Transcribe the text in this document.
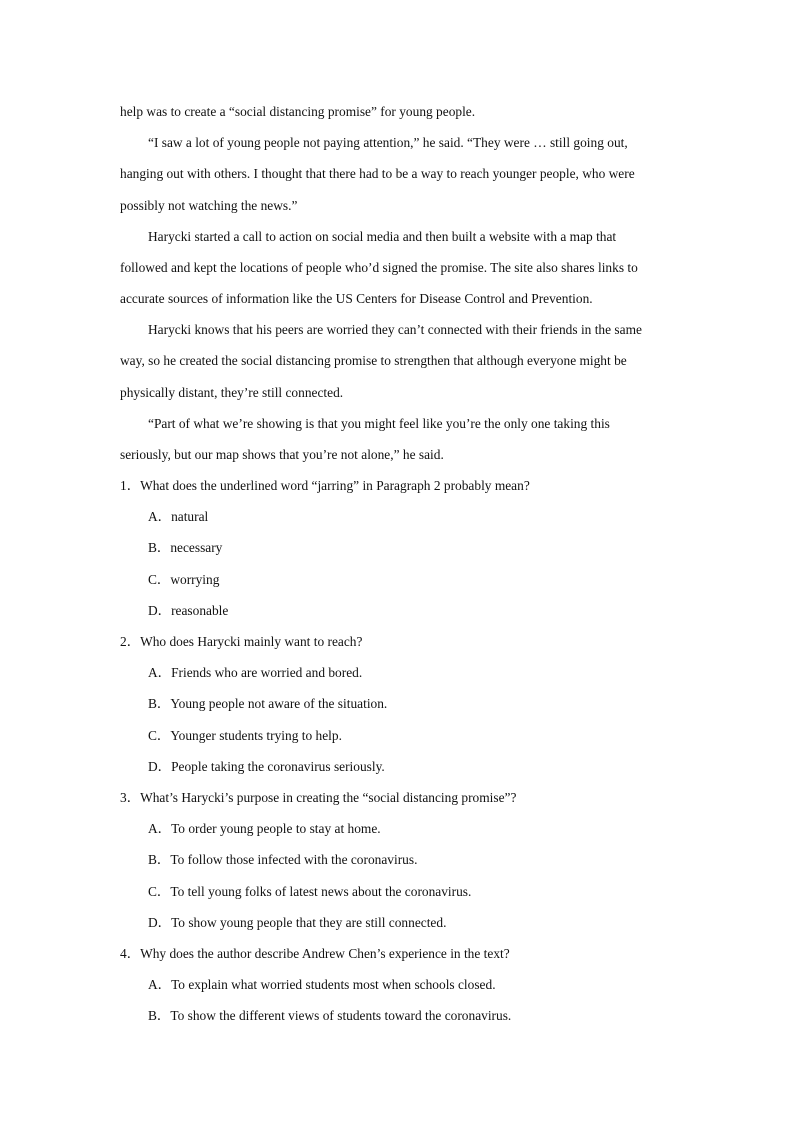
help was to create a “social distancing promise” for young people.
“I saw a lot of young people not paying attention,” he said. “They were … still going out,
hanging out with others. I thought that there had to be a way to reach younger people, who were
possibly not watching the news.”
Harycki started a call to action on social media and then built a website with a map that
followed and kept the locations of people who’d signed the promise. The site also shares links to
accurate sources of information like the US Centers for Disease Control and Prevention.
Harycki knows that his peers are worried they can’t connected with their friends in the same
way, so he created the social distancing promise to strengthen that although everyone might be
physically distant, they’re still connected.
“Part of what we’re showing is that you might feel like you’re the only one taking this
seriously, but our map shows that you’re not alone,” he said.
1．What does the underlined word “jarring” in Paragraph 2 probably mean?
A．natural
B．necessary
C．worrying
D．reasonable
2．Who does Harycki mainly want to reach?
A．Friends who are worried and bored.
B．Young people not aware of the situation.
C．Younger students trying to help.
D．People taking the coronavirus seriously.
3．What’s Harycki’s purpose in creating the “social distancing promise”?
A．To order young people to stay at home.
B．To follow those infected with the coronavirus.
C．To tell young folks of latest news about the coronavirus.
D．To show young people that they are still connected.
4．Why does the author describe Andrew Chen’s experience in the text?
A．To explain what worried students most when schools closed.
B．To show the different views of students toward the coronavirus.
